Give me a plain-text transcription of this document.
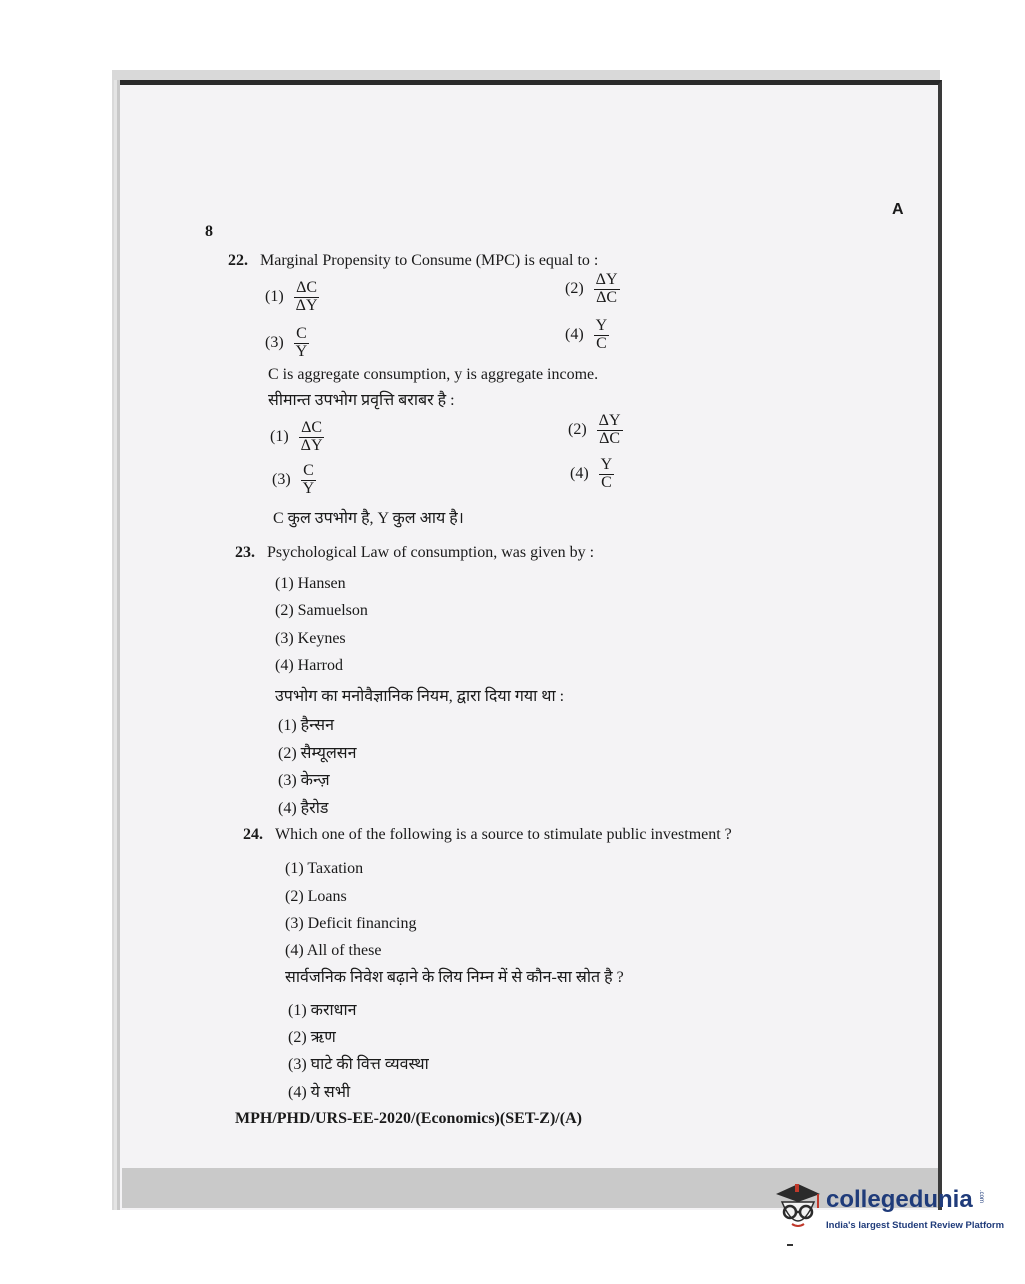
8
A
22. Marginal Propensity to Consume (MPC) is equal to :
$(1) \frac{\Delta C}{\Delta Y}$	$(2) \frac{\Delta Y}{\Delta C}$
$(3) \frac{C}{Y}$	$(4) \frac{Y}{C}$
C is aggregate consumption, y is aggregate income.
सीमान्त उपभोग प्रवृत्ति बराबर है :
$(1) \frac{\Delta C}{\Delta Y}$	$(2) \frac{\Delta Y}{\Delta C}$
$(3) \frac{C}{Y}$	$(4) \frac{Y}{C}$
C कुल उपभोग है, Y कुल आय है।
23. Psychological Law of consumption, was given by :
(1) Hansen
(2) Samuelson
(3) Keynes
(4) Harrod
उपभोग का मनोवैज्ञानिक नियम, द्वारा दिया गया था :
(1) हैन्सन
(2) सैम्यूलसन
(3) केन्ज़
(4) हैरोड
24. Which one of the following is a source to stimulate public investment ?
(1) Taxation
(2) Loans
(3) Deficit financing
(4) All of these
सार्वजनिक निवेश बढ़ाने के लिय निम्न में से कौन-सा स्रोत है ?
(1) कराधान
(2) ऋण
(3) घाटे की वित्त व्यवस्था
(4) ये सभी
MPH/PHD/URS-EE-2020/(Economics)(SET-Z)/(A)
collegedunia .com
India's largest Student Review Platform
